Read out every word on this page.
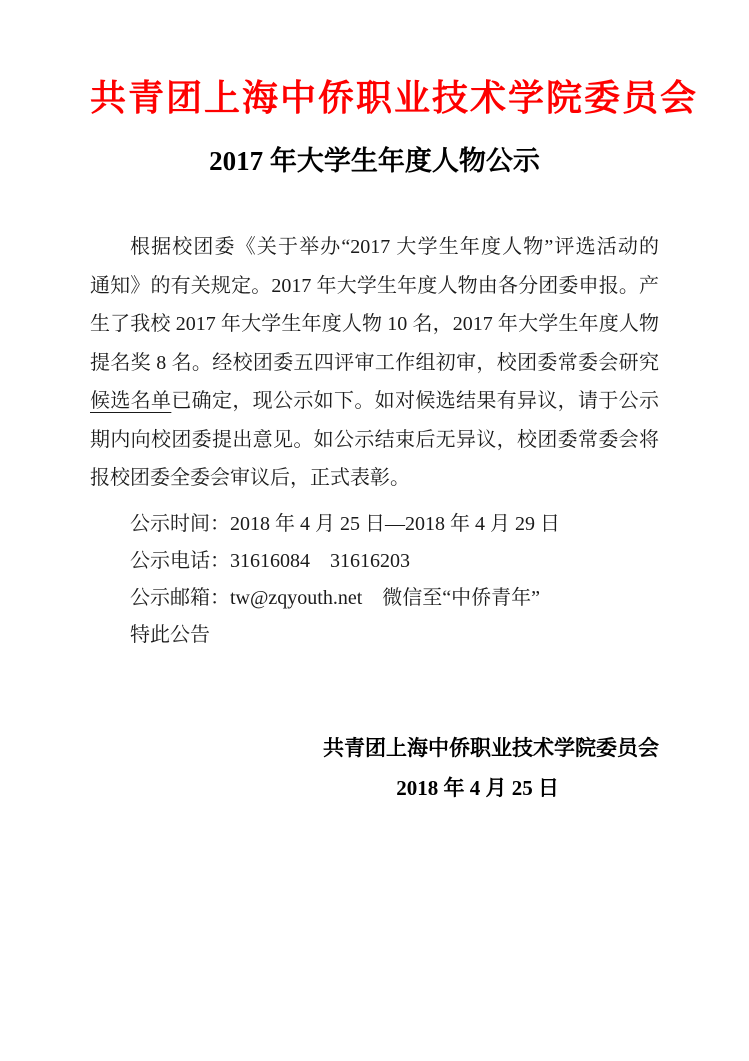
共青团上海中侨职业技术学院委员会
2017 年大学生年度人物公示
根据校团委《关于举办“2017 大学生年度人物”评选活动的
通知》的有关规定。2017 年大学生年度人物由各分团委申报。产
生了我校 2017 年大学生年度人物 10 名，2017 年大学生年度人物
提名奖 8 名。经校团委五四评审工作组初审，校团委常委会研究
候选名单已确定，现公示如下。如对候选结果有异议，请于公示
期内向校团委提出意见。如公示结束后无异议，校团委常委会将
报校团委全委会审议后，正式表彰。
公示时间：2018 年 4 月 25 日—2018 年 4 月 29 日
公示电话：31616084    31616203
公示邮箱：tw@zqyouth.net    微信至“中侨青年”
特此公告
共青团上海中侨职业技术学院委员会
2018 年 4 月 25 日
